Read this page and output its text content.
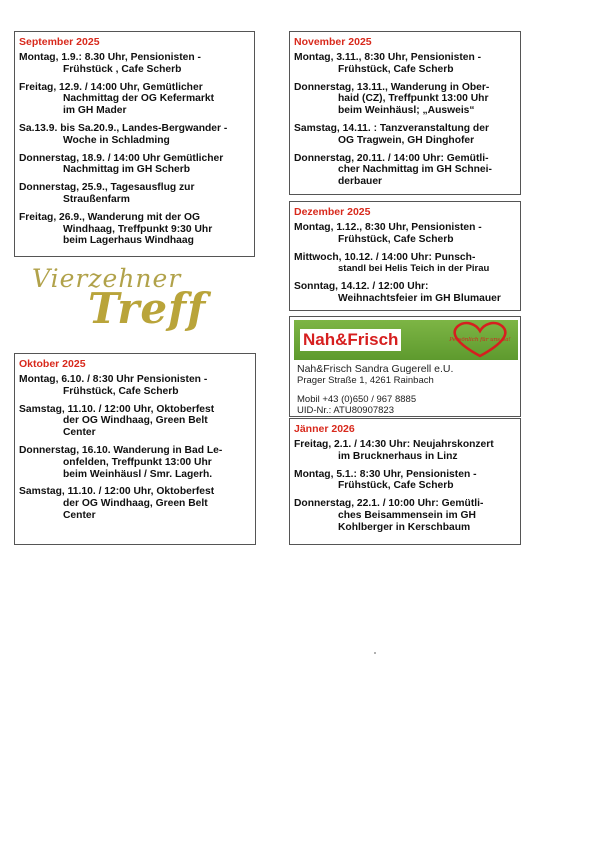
September 2025
Montag, 1.9.: 8.30 Uhr, Pensionisten -
Frühstück , Cafe Scherb
Freitag, 12.9. / 14:00 Uhr, Gemütlicher
Nachmittag der OG Kefermarkt
im GH Mader
Sa.13.9. bis Sa.20.9., Landes-Bergwander -
Woche in Schladming
Donnerstag, 18.9. / 14:00 Uhr Gemütlicher
Nachmittag im GH Scherb
Donnerstag, 25.9., Tagesausflug zur
Straußenfarm
Freitag, 26.9., Wanderung mit der OG
Windhaag, Treffpunkt 9:30 Uhr
beim Lagerhaus Windhaag
Vierzehner
Treff
Oktober 2025
Montag, 6.10. / 8:30 Uhr Pensionisten -
Frühstück, Cafe Scherb
Samstag, 11.10. / 12:00 Uhr, Oktoberfest
der OG Windhaag, Green Belt
Center
Donnerstag, 16.10. Wanderung in Bad Le-
onfelden, Treffpunkt 13:00 Uhr
beim Weinhäusl / Smr. Lagerh.
Samstag, 11.10. / 12:00 Uhr, Oktoberfest
der OG Windhaag, Green Belt
Center
November 2025
Montag, 3.11., 8:30 Uhr, Pensionisten -
Frühstück, Cafe Scherb
Donnerstag, 13.11., Wanderung in Ober-
haid (CZ), Treffpunkt 13:00 Uhr
beim Weinhäusl; „Ausweis“
Samstag, 14.11. : Tanzveranstaltung der
OG Tragwein, GH Dinghofer
Donnerstag, 20.11. / 14:00 Uhr: Gemütli-
cher Nachmittag im GH Schnei-
derbauer
Dezember 2025
Montag, 1.12., 8:30 Uhr, Pensionisten -
Frühstück, Cafe Scherb
Mittwoch, 10.12. / 14:00 Uhr: Punsch-
standl bei Helis Teich in der Pirau
Sonntag, 14.12. / 12:00 Uhr:
Weihnachtsfeier im GH Blumauer
Nah&Frisch	Persönlich für uns da!
Nah&Frisch Sandra Gugerell e.U.
Prager Straße 1, 4261 Rainbach
Mobil +43 (0)650 / 967 8885
UID-Nr.: ATU80907823
Jänner 2026
Freitag, 2.1. / 14:30 Uhr: Neujahrskonzert
im Brucknerhaus in Linz
Montag, 5.1.: 8:30 Uhr, Pensionisten -
Frühstück, Cafe Scherb
Donnerstag, 22.1. / 10:00 Uhr: Gemütli-
ches Beisammensein im GH
Kohlberger in Kerschbaum
